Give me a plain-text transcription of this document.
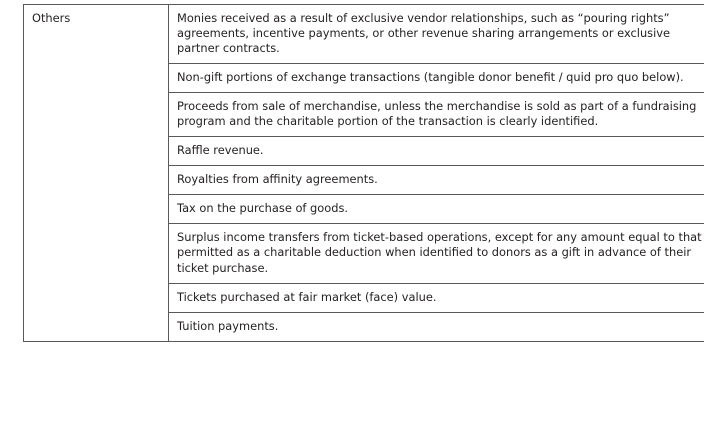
Others	Monies received as a result of exclusive vendor relationships, such as “pouring rights” agreements, incentive payments, or other revenue sharing arrangements or exclusive partner contracts.

Non-gift portions of exchange transactions (tangible donor benefit / quid pro quo below).

Proceeds from sale of merchandise, unless the merchandise is sold as part of a fundraising program and the charitable portion of the transaction is clearly identified.

Raffle revenue.

Royalties from affinity agreements.

Tax on the purchase of goods.

Surplus income transfers from ticket-based operations, except for any amount equal to that permitted as a charitable deduction when identified to donors as a gift in advance of their ticket purchase.

Tickets purchased at fair market (face) value.

Tuition payments.
